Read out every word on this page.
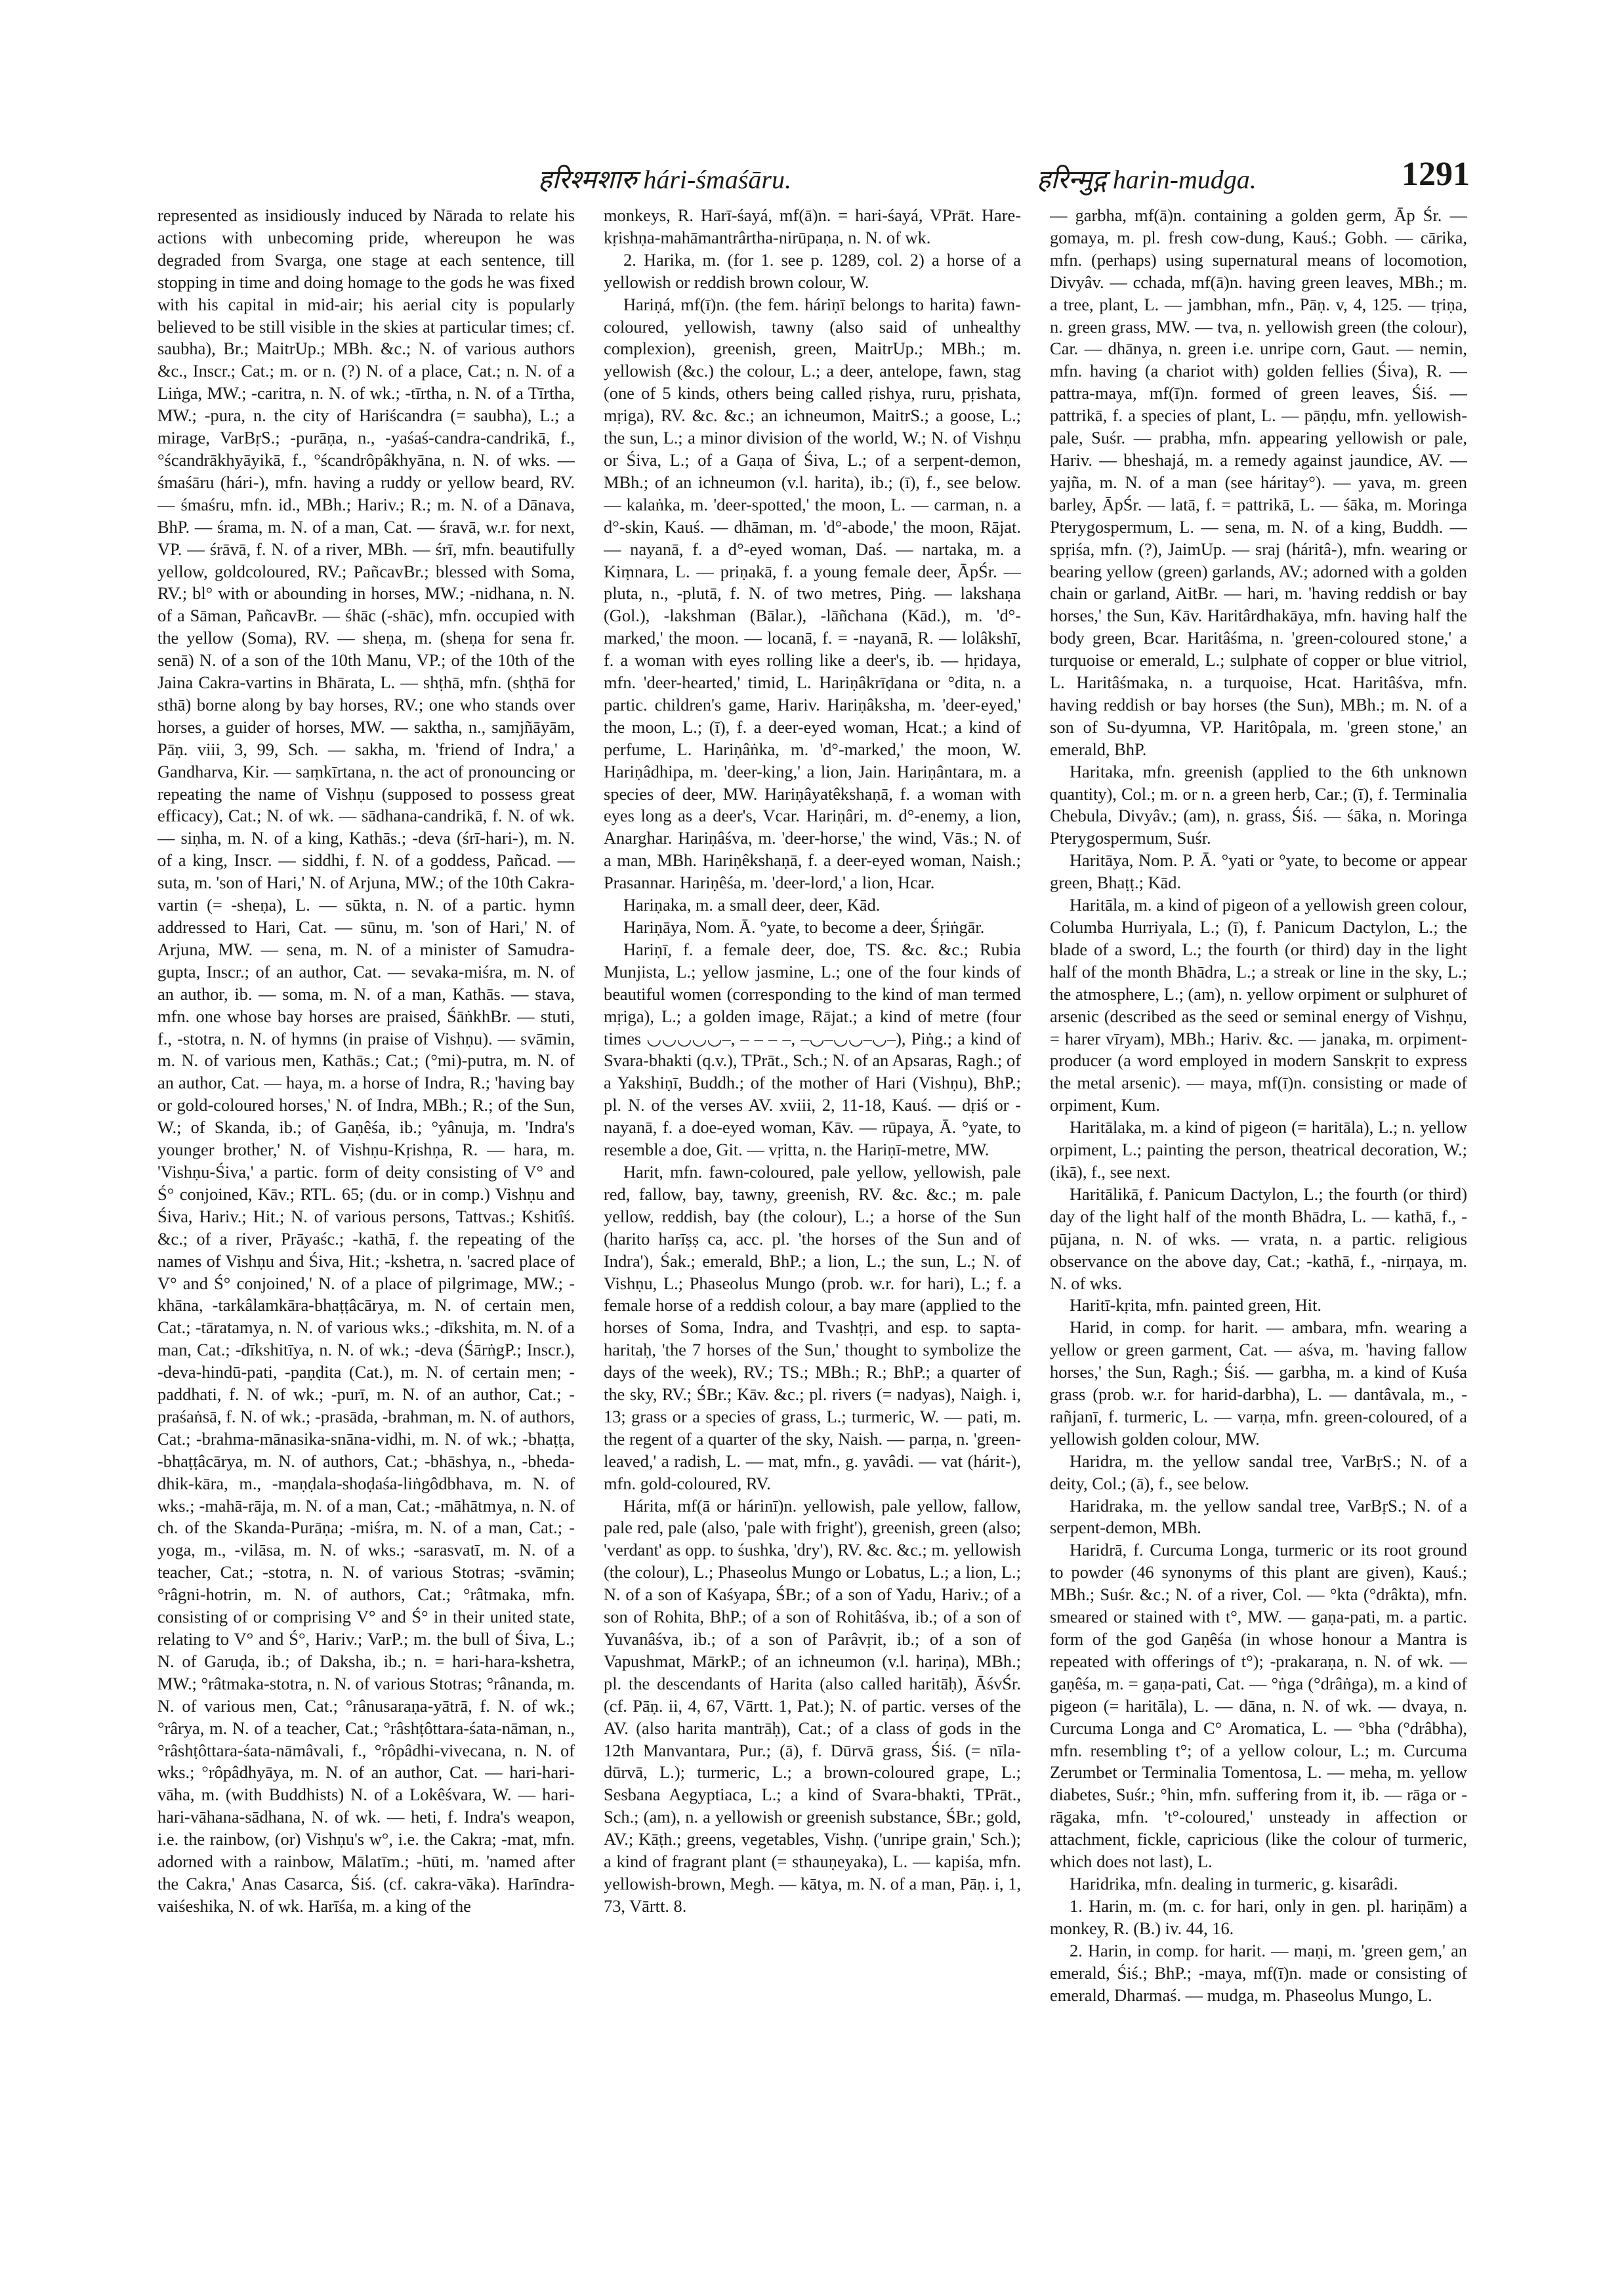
हरिश्मशारु hári-śmaśāru.	हरिन्मुद्ग harin-mudga.	1291

represented as insidiously induced by Nārada to relate his actions with unbecoming pride, whereupon he was degraded from Svarga, one stage at each sentence, till stopping in time and doing homage to the gods he was fixed with his capital in mid-air; his aerial city is popularly believed to be still visible in the skies at particular times; cf. saubha), Br.; MaitrUp.; MBh. &c.; N. of various authors &c., Inscr.; Cat.; m. or n. (?) N. of a place, Cat.; n. N. of a Liṅga, MW.; -caritra, n. N. of wk.; -tīrtha, n. N. of a Tīrtha, MW.; -pura, n. the city of Hariścandra (= saubha), L.; a mirage, VarBṛS.; -purāṇa, n., -yaśaś-candra-candrikā, f., °ścandrākhyāyikā, f., °ścandrôpâkhyāna, n. N. of wks. — śmaśāru (hári-), mfn. having a ruddy or yellow beard, RV. — śmaśru, mfn. id., MBh.; Hariv.; R.; m. N. of a Dānava, BhP. — śrama, m. N. of a man, Cat. — śravā, w.r. for next, VP. — śrāvā, f. N. of a river, MBh. — śrī, mfn. beautifully yellow, goldcoloured, RV.; PañcavBr.; blessed with Soma, RV.; bl° with or abounding in horses, MW.; -nidhana, n. N. of a Sāman, PañcavBr. — śhāc (-shāc), mfn. occupied with the yellow (Soma), RV. — sheṇa, m. (sheṇa for sena fr. senā) N. of a son of the 10th Manu, VP.; of the 10th of the Jaina Cakra-vartins in Bhārata, L. — shṭhā, mfn. (shṭhā for sthā) borne along by bay horses, RV.; one who stands over horses, a guider of horses, MW. — saktha, n., samjñāyām, Pāṇ. viii, 3, 99, Sch. — sakha, m. 'friend of Indra,' a Gandharva, Kir. — saṃkīrtana, n. the act of pronouncing or repeating the name of Vishṇu (supposed to possess great efficacy), Cat.; N. of wk. — sādhana-candrikā, f. N. of wk. — siṇha, m. N. of a king, Kathās.; -deva (śrī-hari-), m. N. of a king, Inscr. — siddhi, f. N. of a goddess, Pañcad. — suta, m. 'son of Hari,' N. of Arjuna, MW.; of the 10th Cakra-vartin (= -sheṇa), L. — sūkta, n. N. of a partic. hymn addressed to Hari, Cat. — sūnu, m. 'son of Hari,' N. of Arjuna, MW. — sena, m. N. of a minister of Samudra-gupta, Inscr.; of an author, Cat. — sevaka-miśra, m. N. of an author, ib. — soma, m. N. of a man, Kathās. — stava, mfn. one whose bay horses are praised, ŚāṅkhBr. — stuti, f., -stotra, n. N. of hymns (in praise of Vishṇu). — svāmin, m. N. of various men, Kathās.; Cat.; (°mi)-putra, m. N. of an author, Cat. — haya, m. a horse of Indra, R.; 'having bay or gold-coloured horses,' N. of Indra, MBh.; R.; of the Sun, W.; of Skanda, ib.; of Gaṇêśa, ib.; °yânuja, m. 'Indra's younger brother,' N. of Vishṇu-Kṛishṇa, R. — hara, m. 'Vishṇu-Śiva,' a partic. form of deity consisting of V° and Ś° conjoined, Kāv.; RTL. 65; (du. or in comp.) Vishṇu and Śiva, Hariv.; Hit.; N. of various persons, Tattvas.; Kshitîś. &c.; of a river, Prāyaśc.; -kathā, f. the repeating of the names of Vishṇu and Śiva, Hit.; -kshetra, n. 'sacred place of V° and Ś° conjoined,' N. of a place of pilgrimage, MW.; -khāna, -tarkâlamkāra-bhaṭṭâcārya, m. N. of certain men, Cat.; -tāratamya, n. N. of various wks.; -dīkshita, m. N. of a man, Cat.; -dīkshitīya, n. N. of wk.; -deva (ŚārṅgP.; Inscr.), -deva-hindū-pati, -paṇḍita (Cat.), m. N. of certain men; -paddhati, f. N. of wk.; -purī, m. N. of an author, Cat.; -praśaṅsā, f. N. of wk.; -prasāda, -brahman, m. N. of authors, Cat.; -brahma-mānasika-snāna-vidhi, m. N. of wk.; -bhaṭṭa, -bhaṭṭâcārya, m. N. of authors, Cat.; -bhāshya, n., -bheda-dhik-kāra, m., -maṇḍala-shoḍaśa-liṅgôdbhava, m. N. of wks.; -mahā-rāja, m. N. of a man, Cat.; -māhātmya, n. N. of ch. of the Skanda-Purāṇa; -miśra, m. N. of a man, Cat.; -yoga, m., -vilāsa, m. N. of wks.; -sarasvatī, m. N. of a teacher, Cat.; -stotra, n. N. of various Stotras; -svāmin; °râgni-hotrin, m. N. of authors, Cat.; °râtmaka, mfn. consisting of or comprising V° and Ś° in their united state, relating to V° and Ś°, Hariv.; VarP.; m. the bull of Śiva, L.; N. of Garuḍa, ib.; of Daksha, ib.; n. = hari-hara-kshetra, MW.; °râtmaka-stotra, n. N. of various Stotras; °rânanda, m. N. of various men, Cat.; °rânusaraṇa-yātrā, f. N. of wk.; °rârya, m. N. of a teacher, Cat.; °râshṭôttara-śata-nāman, n., °râshṭôttara-śata-nāmâvali, f., °rôpâdhi-vivecana, n. N. of wks.; °rôpâdhyāya, m. N. of an author, Cat. — hari-hari-vāha, m. (with Buddhists) N. of a Lokêśvara, W. — hari-hari-vāhana-sādhana, N. of wk. — heti, f. Indra's weapon, i.e. the rainbow, (or) Vishṇu's w°, i.e. the Cakra; -mat, mfn. adorned with a rainbow, Mālatīm.; -hūti, m. 'named after the Cakra,' Anas Casarca, Śiś. (cf. cakra-vāka). Harīndra-vaiśeshika, N. of wk. Harīśa, m. a king of the

monkeys, R. Harī-śayá, mf(ā)n. = hari-śayá, VPrāt. Hare-kṛishṇa-mahāmantrârtha-nirūpaṇa, n. N. of wk.

2. Harika, m. (for 1. see p. 1289, col. 2) a horse of a yellowish or reddish brown colour, W.

Hariṇá, mf(ī)n. (the fem. háriṇī belongs to harita) fawn-coloured, yellowish, tawny (also said of unhealthy complexion), greenish, green, MaitrUp.; MBh.; m. yellowish (&c.) the colour, L.; a deer, antelope, fawn, stag (one of 5 kinds, others being called ṛishya, ruru, pṛishata, mṛiga), RV. &c. &c.; an ichneumon, MaitrS.; a goose, L.; the sun, L.; a minor division of the world, W.; N. of Vishṇu or Śiva, L.; of a Gaṇa of Śiva, L.; of a serpent-demon, MBh.; of an ichneumon (v.l. harita), ib.; (ī), f., see below. — kalaṅka, m. 'deer-spotted,' the moon, L. — carman, n. a d°-skin, Kauś. — dhāman, m. 'd°-abode,' the moon, Rājat. — nayanā, f. a d°-eyed woman, Daś. — nartaka, m. a Kiṃnara, L. — priṇakā, f. a young female deer, ĀpŚr. — pluta, n., -plutā, f. N. of two metres, Piṅg. — lakshaṇa (Gol.), -lakshman (Bālar.), -lāñchana (Kād.), m. 'd°-marked,' the moon. — locanā, f. = -nayanā, R. — lolâkshī, f. a woman with eyes rolling like a deer's, ib. — hṛidaya, mfn. 'deer-hearted,' timid, L. Hariṇâkrīḍana or °dita, n. a partic. children's game, Hariv. Hariṇâksha, m. 'deer-eyed,' the moon, L.; (ī), f. a deer-eyed woman, Hcat.; a kind of perfume, L. Hariṇâṅka, m. 'd°-marked,' the moon, W. Hariṇâdhipa, m. 'deer-king,' a lion, Jain. Hariṇântara, m. a species of deer, MW. Hariṇâyatêkshaṇā, f. a woman with eyes long as a deer's, Vcar. Hariṇâri, m. d°-enemy, a lion, Anarghar. Hariṇâśva, m. 'deer-horse,' the wind, Vās.; N. of a man, MBh. Hariṇêkshaṇā, f. a deer-eyed woman, Naish.; Prasannar. Hariṇêśa, m. 'deer-lord,' a lion, Hcar.

Hariṇaka, m. a small deer, deer, Kād.

Hariṇāya, Nom. Ā. °yate, to become a deer, Śṛiṅgār.

Hariṇī, f. a female deer, doe, TS. &c. &c.; Rubia Munjista, L.; yellow jasmine, L.; one of the four kinds of beautiful women (corresponding to the kind of man termed mṛiga), L.; a golden image, Rājat.; a kind of metre (four times ◡◡◡◡◡–, – – – –, –◡–◡◡–◡–), Piṅg.; a kind of Svara-bhakti (q.v.), TPrāt., Sch.; N. of an Apsaras, Ragh.; of a Yakshiṇī, Buddh.; of the mother of Hari (Vishṇu), BhP.; pl. N. of the verses AV. xviii, 2, 11-18, Kauś. — dṛiś or -nayanā, f. a doe-eyed woman, Kāv. — rūpaya, Ā. °yate, to resemble a doe, Git. — vṛitta, n. the Hariṇī-metre, MW.

Harit, mfn. fawn-coloured, pale yellow, yellowish, pale red, fallow, bay, tawny, greenish, RV. &c. &c.; m. pale yellow, reddish, bay (the colour), L.; a horse of the Sun (harito harīṣṣ ca, acc. pl. 'the horses of the Sun and of Indra'), Śak.; emerald, BhP.; a lion, L.; the sun, L.; N. of Vishṇu, L.; Phaseolus Mungo (prob. w.r. for hari), L.; f. a female horse of a reddish colour, a bay mare (applied to the horses of Soma, Indra, and Tvashṭṛi, and esp. to sapta-haritaḥ, 'the 7 horses of the Sun,' thought to symbolize the days of the week), RV.; TS.; MBh.; R.; BhP.; a quarter of the sky, RV.; ŚBr.; Kāv. &c.; pl. rivers (= nadyas), Naigh. i, 13; grass or a species of grass, L.; turmeric, W. — pati, m. the regent of a quarter of the sky, Naish. — parṇa, n. 'green-leaved,' a radish, L. — mat, mfn., g. yavâdi. — vat (hárit-), mfn. gold-coloured, RV.

Hárita, mf(ā or hárinī)n. yellowish, pale yellow, fallow, pale red, pale (also, 'pale with fright'), greenish, green (also; 'verdant' as opp. to śushka, 'dry'), RV. &c. &c.; m. yellowish (the colour), L.; Phaseolus Mungo or Lobatus, L.; a lion, L.; N. of a son of Kaśyapa, ŚBr.; of a son of Yadu, Hariv.; of a son of Rohita, BhP.; of a son of Rohitâśva, ib.; of a son of Yuvanâśva, ib.; of a son of Parâvṛit, ib.; of a son of Vapushmat, MārkP.; of an ichneumon (v.l. hariṇa), MBh.; pl. the descendants of Harita (also called haritāḥ), ĀśvŚr. (cf. Pāṇ. ii, 4, 67, Vārtt. 1, Pat.); N. of partic. verses of the AV. (also harita mantrāḥ), Cat.; of a class of gods in the 12th Manvantara, Pur.; (ā), f. Dūrvā grass, Śiś. (= nīla-dūrvā, L.); turmeric, L.; a brown-coloured grape, L.; Sesbana Aegyptiaca, L.; a kind of Svara-bhakti, TPrāt., Sch.; (am), n. a yellowish or greenish substance, ŚBr.; gold, AV.; Kāṭh.; greens, vegetables, Vishṇ. ('unripe grain,' Sch.); a kind of fragrant plant (= sthauṇeyaka), L. — kapiśa, mfn. yellowish-brown, Megh. — kātya, m. N. of a man, Pāṇ. i, 1, 73, Vārtt. 8.

— garbha, mf(ā)n. containing a golden germ, Āp Śr. — gomaya, m. pl. fresh cow-dung, Kauś.; Gobh. — cārika, mfn. (perhaps) using supernatural means of locomotion, Divyâv. — cchada, mf(ā)n. having green leaves, MBh.; m. a tree, plant, L. — jambhan, mfn., Pāṇ. v, 4, 125. — tṛiṇa, n. green grass, MW. — tva, n. yellowish green (the colour), Car. — dhānya, n. green i.e. unripe corn, Gaut. — nemin, mfn. having (a chariot with) golden fellies (Śiva), R. — pattra-maya, mf(ī)n. formed of green leaves, Śiś. — pattrikā, f. a species of plant, L. — pāṇḍu, mfn. yellowish-pale, Suśr. — prabha, mfn. appearing yellowish or pale, Hariv. — bheshajá, m. a remedy against jaundice, AV. — yajña, m. N. of a man (see háritay°). — yava, m. green barley, ĀpŚr. — latā, f. = pattrikā, L. — śāka, m. Moringa Pterygospermum, L. — sena, m. N. of a king, Buddh. — spṛiśa, mfn. (?), JaimUp. — sraj (háritâ-), mfn. wearing or bearing yellow (green) garlands, AV.; adorned with a golden chain or garland, AitBr. — hari, m. 'having reddish or bay horses,' the Sun, Kāv. Haritârdhakāya, mfn. having half the body green, Bcar. Haritâśma, n. 'green-coloured stone,' a turquoise or emerald, L.; sulphate of copper or blue vitriol, L. Haritâśmaka, n. a turquoise, Hcat. Haritâśva, mfn. having reddish or bay horses (the Sun), MBh.; m. N. of a son of Su-dyumna, VP. Haritôpala, m. 'green stone,' an emerald, BhP.

Haritaka, mfn. greenish (applied to the 6th unknown quantity), Col.; m. or n. a green herb, Car.; (ī), f. Terminalia Chebula, Divyâv.; (am), n. grass, Śiś. — śāka, n. Moringa Pterygospermum, Suśr.

Haritāya, Nom. P. Ā. °yati or °yate, to become or appear green, Bhaṭṭ.; Kād.

Haritāla, m. a kind of pigeon of a yellowish green colour, Columba Hurriyala, L.; (ī), f. Panicum Dactylon, L.; the blade of a sword, L.; the fourth (or third) day in the light half of the month Bhādra, L.; a streak or line in the sky, L.; the atmosphere, L.; (am), n. yellow orpiment or sulphuret of arsenic (described as the seed or seminal energy of Vishṇu, = harer vīryam), MBh.; Hariv. &c. — janaka, m. orpiment-producer (a word employed in modern Sanskṛit to express the metal arsenic). — maya, mf(ī)n. consisting or made of orpiment, Kum.

Haritālaka, m. a kind of pigeon (= haritāla), L.; n. yellow orpiment, L.; painting the person, theatrical decoration, W.; (ikā), f., see next.

Haritālikā, f. Panicum Dactylon, L.; the fourth (or third) day of the light half of the month Bhādra, L. — kathā, f., -pūjana, n. N. of wks. — vrata, n. a partic. religious observance on the above day, Cat.; -kathā, f., -nirṇaya, m. N. of wks.

Haritī-kṛita, mfn. painted green, Hit.

Harid, in comp. for harit. — ambara, mfn. wearing a yellow or green garment, Cat. — aśva, m. 'having fallow horses,' the Sun, Ragh.; Śiś. — garbha, m. a kind of Kuśa grass (prob. w.r. for harid-darbha), L. — dantâvala, m., -rañjanī, f. turmeric, L. — varṇa, mfn. green-coloured, of a yellowish golden colour, MW.

Haridra, m. the yellow sandal tree, VarBṛS.; N. of a deity, Col.; (ā), f., see below.

Haridraka, m. the yellow sandal tree, VarBṛS.; N. of a serpent-demon, MBh.

Haridrā, f. Curcuma Longa, turmeric or its root ground to powder (46 synonyms of this plant are given), Kauś.; MBh.; Suśr. &c.; N. of a river, Col. — °kta (°drâkta), mfn. smeared or stained with t°, MW. — gaṇa-pati, m. a partic. form of the god Gaṇêśa (in whose honour a Mantra is repeated with offerings of t°); -prakaraṇa, n. N. of wk. — gaṇêśa, m. = gaṇa-pati, Cat. — °ṅga (°drâṅga), m. a kind of pigeon (= haritāla), L. — dāna, n. N. of wk. — dvaya, n. Curcuma Longa and C° Aromatica, L. — °bha (°drâbha), mfn. resembling t°; of a yellow colour, L.; m. Curcuma Zerumbet or Terminalia Tomentosa, L. — meha, m. yellow diabetes, Suśr.; °hin, mfn. suffering from it, ib. — rāga or -rāgaka, mfn. 't°-coloured,' unsteady in affection or attachment, fickle, capricious (like the colour of turmeric, which does not last), L.

Haridrika, mfn. dealing in turmeric, g. kisarâdi.

1. Harin, m. (m. c. for hari, only in gen. pl. hariṇām) a monkey, R. (B.) iv. 44, 16.

2. Harin, in comp. for harit. — maṇi, m. 'green gem,' an emerald, Śiś.; BhP.; -maya, mf(ī)n. made or consisting of emerald, Dharmaś. — mudga, m. Phaseolus Mungo, L.
